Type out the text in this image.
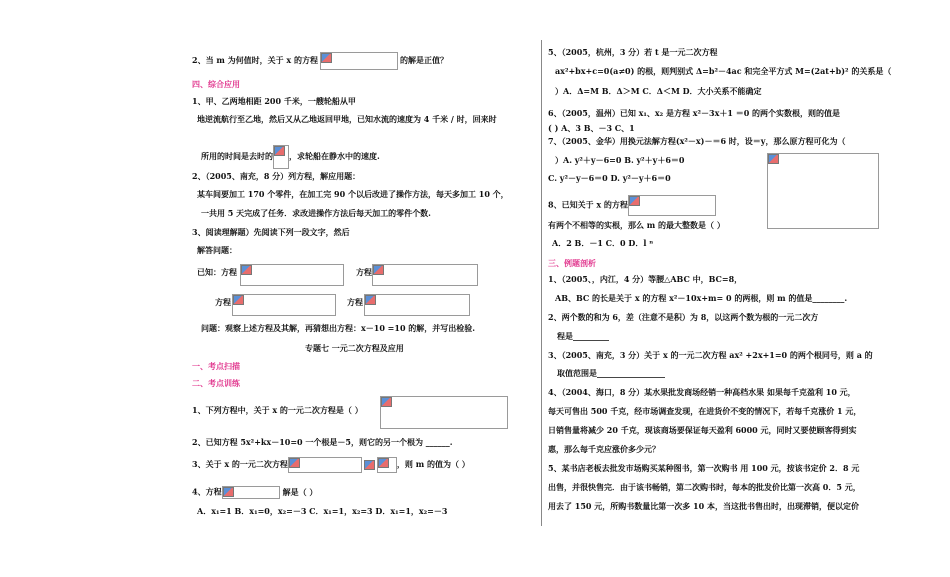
2、当 m 为何值时，关于 x 的方程	的解是正值？
四、综合应用
1、甲、乙两地相距 200 千米，一艘轮船从甲
地逆流航行至乙地，然后又从乙地返回甲地，已知水流的速度为 4 千米 / 时，回来时
所用的时间是去时的 ，求轮船在静水中的速度.
2、（2005、南充，8 分）列方程，解应用题：
某车间要加工 170 个零件，在加工完 90 个以后改进了操作方法，每天多加工 10 个，
一共用 5 天完成了任务．求改进操作方法后每天加工的零件个数.
3、阅读理解题）先阅读下列一段文字，然后
解答问题：
已知：方程	方程
方程	方程
问题：观察上述方程及其解，再猜想出方程：x－10 =10 的解，并写出检验.
专题七 一元二次方程及应用
一、考点扫描
二、考点训练
1、下列方程中，关于 x 的一元二次方程是（ ）
2、已知方程 5x²+kx－10=0 一个根是－5，则它的另一个根为 ______.
3、关于 x 的一元二次方程	，则 m 的值为（ ）
4、方程	解是（ ）
A．x₁=1 B．x₁=0，x₂=－3 C．x₁=1，x₂=3 D．x₁=1，x₂=－3
5、（2005，杭州，3 分）若 t 是一元二次方程
ax²+bx+c=0(a≠0) 的根，则判别式 Δ=b²－4ac 和完全平方式 M=(2at+b)² 的关系是（
）A．Δ=M B．Δ＞M C．Δ＜M D．大小关系不能确定
6、（2005，温州）已知 x₁、x₂ 是方程 x²－3x＋1 ＝0 的两个实数根，则的值是
( ) A、3 B、－3 C、1
7、（2005、金华）用换元法解方程(x²－x)－＝6 时，设＝y，那么原方程可化为（
）A. y²＋y－6=0 B. y²＋y＋6＝0
C. y²－y－6＝0 D. y²－y＋6＝0
8、已知关于 x 的方程
有两个不相等的实根，那么 m 的最大整数是（ ）
A．2 B．－1 C．0 D．l ⁿ
三、例题剖析
1、（2005、，内江，4 分）等腰△ABC 中，BC=8，
AB、BC 的长是关于 x 的方程 x²－10x+m= 0 的两根，则 m 的值是________.
2、两个数的和为 6，差（注意不是积）为 8，以这两个数为根的一元二次方
程是_________
3、（2005、南充，3 分）关于 x 的一元二次方程 ax² +2x+1=0 的两个根同号，则 a 的
取值范围是_________________
4、（2004、海口，8 分）某水果批发商场经销一种高档水果 如果每千克盈利 10 元，
每天可售出 500 千克，经市场调查发现，在进货价不变的情况下，若每千克涨价 1 元，
日销售量将减少 20 千克，现该商场要保证每天盈利 6000 元，同时又要使顾客得到实
惠，那么每千克应涨价多少元？
5、某书店老板去批发市场购买某种图书，第一次购书 用 100 元，按该书定价 2．8 元
出售，并很快售完．由于该书畅销，第二次购书时，每本的批发价比第一次高 0．5 元，
用去了 150 元，所购书数量比第一次多 10 本，当这批书售出时，出现滞销，便以定价
